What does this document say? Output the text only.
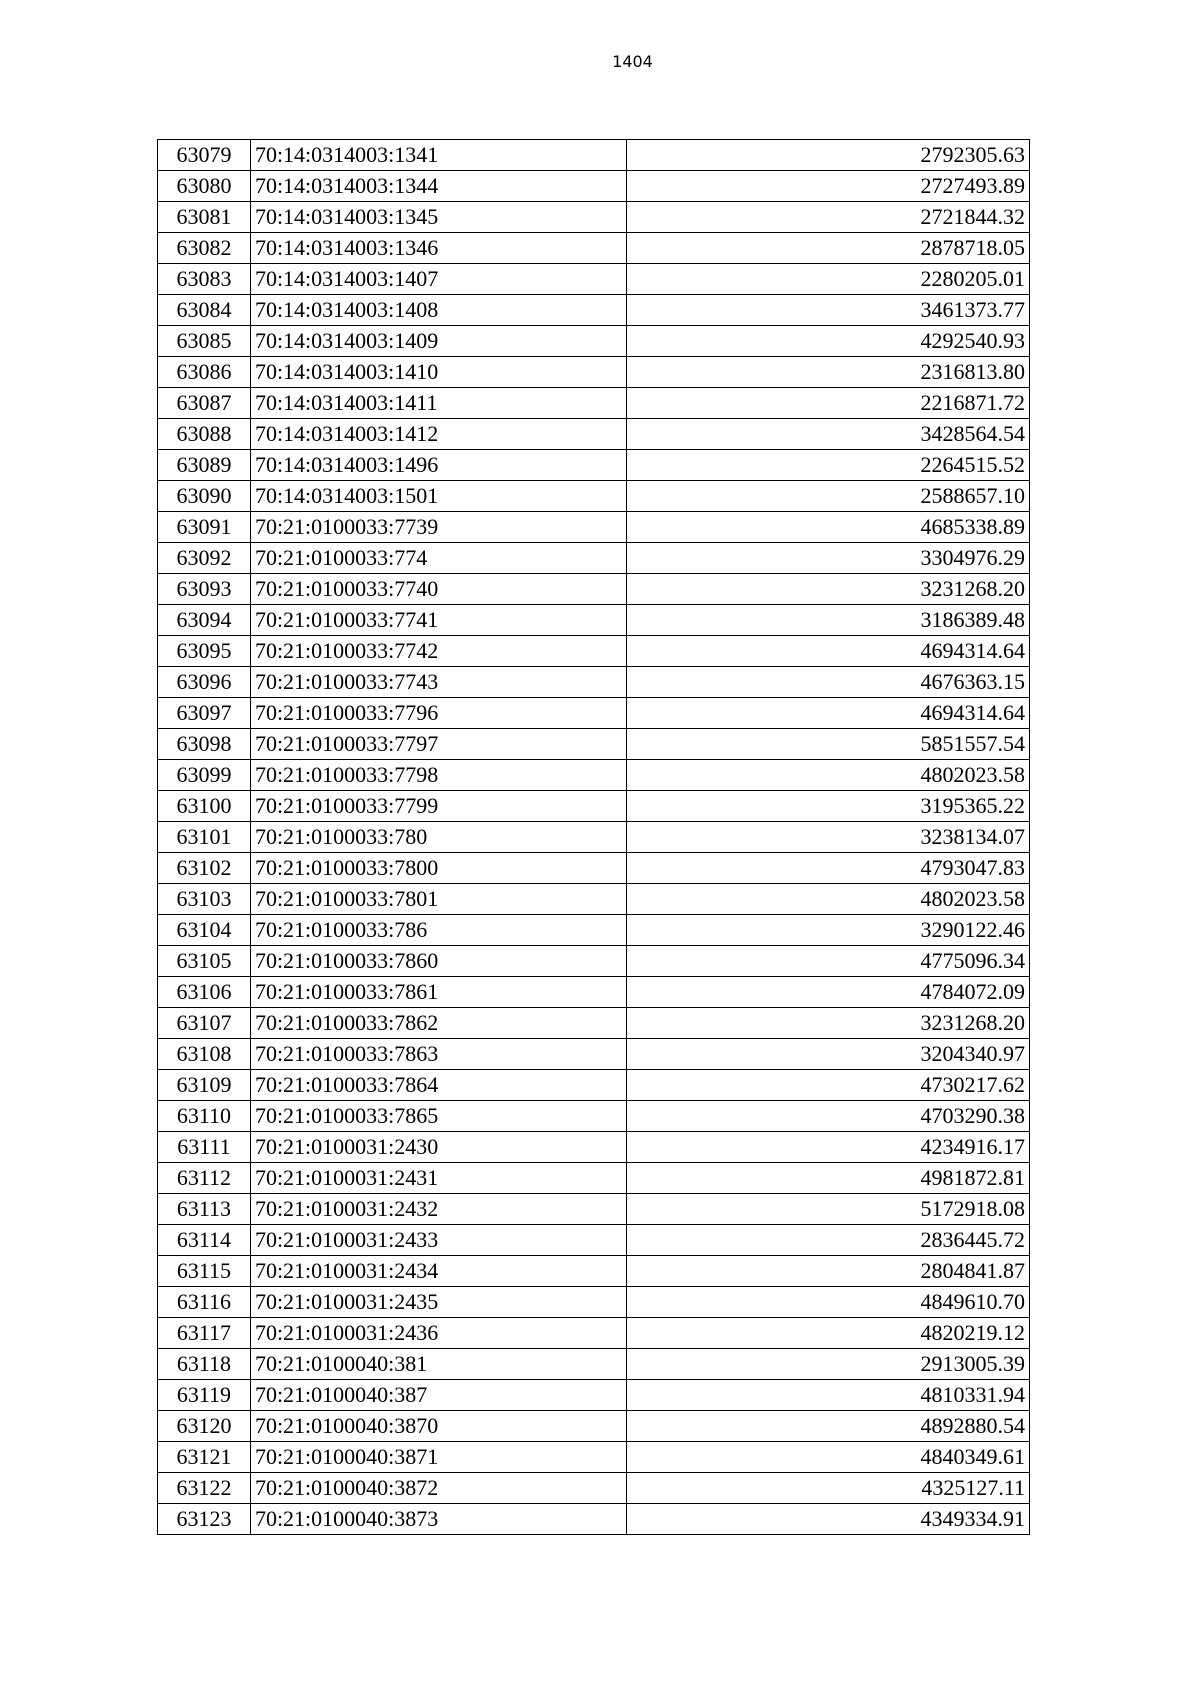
1404
63079	70:14:0314003:1341	2792305.63
63080	70:14:0314003:1344	2727493.89
63081	70:14:0314003:1345	2721844.32
63082	70:14:0314003:1346	2878718.05
63083	70:14:0314003:1407	2280205.01
63084	70:14:0314003:1408	3461373.77
63085	70:14:0314003:1409	4292540.93
63086	70:14:0314003:1410	2316813.80
63087	70:14:0314003:1411	2216871.72
63088	70:14:0314003:1412	3428564.54
63089	70:14:0314003:1496	2264515.52
63090	70:14:0314003:1501	2588657.10
63091	70:21:0100033:7739	4685338.89
63092	70:21:0100033:774	3304976.29
63093	70:21:0100033:7740	3231268.20
63094	70:21:0100033:7741	3186389.48
63095	70:21:0100033:7742	4694314.64
63096	70:21:0100033:7743	4676363.15
63097	70:21:0100033:7796	4694314.64
63098	70:21:0100033:7797	5851557.54
63099	70:21:0100033:7798	4802023.58
63100	70:21:0100033:7799	3195365.22
63101	70:21:0100033:780	3238134.07
63102	70:21:0100033:7800	4793047.83
63103	70:21:0100033:7801	4802023.58
63104	70:21:0100033:786	3290122.46
63105	70:21:0100033:7860	4775096.34
63106	70:21:0100033:7861	4784072.09
63107	70:21:0100033:7862	3231268.20
63108	70:21:0100033:7863	3204340.97
63109	70:21:0100033:7864	4730217.62
63110	70:21:0100033:7865	4703290.38
63111	70:21:0100031:2430	4234916.17
63112	70:21:0100031:2431	4981872.81
63113	70:21:0100031:2432	5172918.08
63114	70:21:0100031:2433	2836445.72
63115	70:21:0100031:2434	2804841.87
63116	70:21:0100031:2435	4849610.70
63117	70:21:0100031:2436	4820219.12
63118	70:21:0100040:381	2913005.39
63119	70:21:0100040:387	4810331.94
63120	70:21:0100040:3870	4892880.54
63121	70:21:0100040:3871	4840349.61
63122	70:21:0100040:3872	4325127.11
63123	70:21:0100040:3873	4349334.91
